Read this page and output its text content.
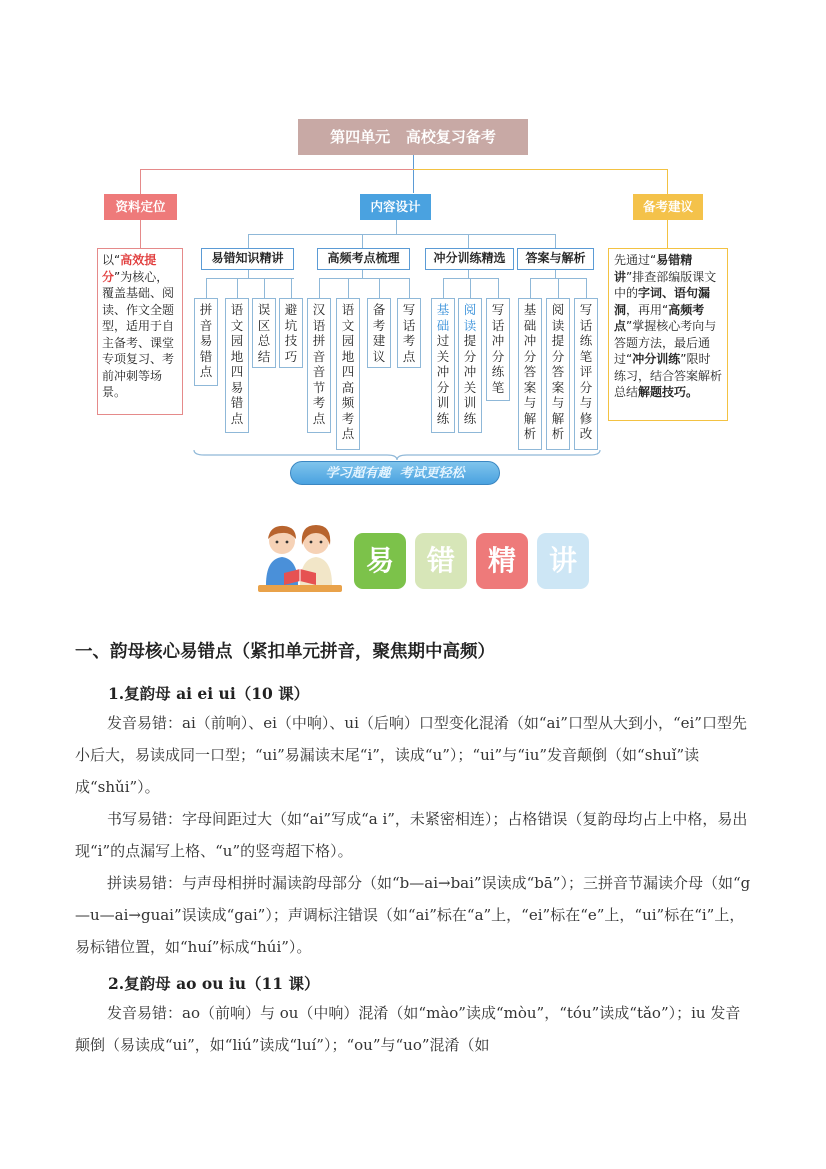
第四单元   高校复习备考
资料定位	内容设计	备考建议
以“高效提分”为核心，覆盖基础、阅读、作文全题型，适用于自主备考、课堂专项复习、考前冲刺等场景。
先通过“易错精讲”排查部编版课文中的字词、语句漏洞，再用“高频考点”掌握核心考向与答题方法，最后通过“冲分训练”限时练习，结合答案解析总结解题技巧。
易错知识精讲	高频考点梳理	冲分训练精选	答案与解析
拼音易错点
语文园地四易错点
误区总结
避坑技巧
汉语拼音音节考点
语文园地四高频考点
备考建议
写话考点
基础过关冲分训练
阅读提分冲关训练
写话冲分练笔
基础冲分答案与解析
阅读提分答案与解析
写话练笔评分与修改
学习超有趣  考试更轻松
易	错	精	讲
一、韵母核心易错点（紧扣单元拼音，聚焦期中高频）
1.复韵母 ai ei ui（10 课）
发音易错：ai（前响）、ei（中响）、ui（后响）口型变化混淆（如“ai”口型从大到小，“ei”口型先小后大，易读成同一口型；“ui”易漏读末尾“i”，读成“u”）；“ui”与“iu”发音颠倒（如“shuǐ”读成“shǔi”）。
书写易错：字母间距过大（如“ai”写成“a i”，未紧密相连）；占格错误（复韵母均占上中格，易出现“i”的点漏写上格、“u”的竖弯超下格）。
拼读易错：与声母相拼时漏读韵母部分（如“b—ai→bai”误读成“bā”）；三拼音节漏读介母（如“g—u—ai→guai”误读成“gai”）；声调标注错误（如“ai”标在“a”上，“ei”标在“e”上，“ui”标在“i”上，易标错位置，如“huí”标成“húi”）。
2.复韵母 ao ou iu（11 课）
发音易错：ao（前响）与 ou（中响）混淆（如“mào”读成“mòu”，“tóu”读成“tǎo”）；iu 发音颠倒（易读成“ui”，如“liú”读成“luí”）；“ou”与“uo”混淆（如
